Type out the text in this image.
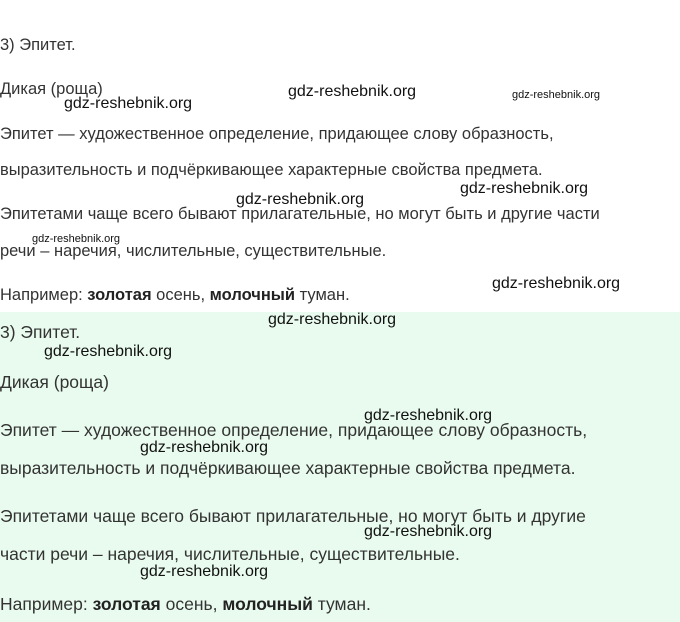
3) Эпитет.
Дикая (роща)
Эпитет — художественное определение, придающее слову образность,
выразительность и подчёркивающее характерные свойства предмета.
Эпитетами чаще всего бывают прилагательные, но могут быть и другие части
речи – наречия, числительные, существительные.
Например: золотая осень, молочный туман.
3) Эпитет.
Дикая (роща)
Эпитет — художественное определение, придающее слову образность,
выразительность и подчёркивающее характерные свойства предмета.
Эпитетами чаще всего бывают прилагательные, но могут быть и другие
части речи – наречия, числительные, существительные.
Например: золотая осень, молочный туман.
gdz-reshebnik.org
gdz-reshebnik.org	gdz-reshebnik.org
gdz-reshebnik.org
gdz-reshebnik.org
gdz-reshebnik.org
gdz-reshebnik.org
gdz-reshebnik.org
gdz-reshebnik.org
gdz-reshebnik.org
gdz-reshebnik.org
gdz-reshebnik.org
gdz-reshebnik.org
